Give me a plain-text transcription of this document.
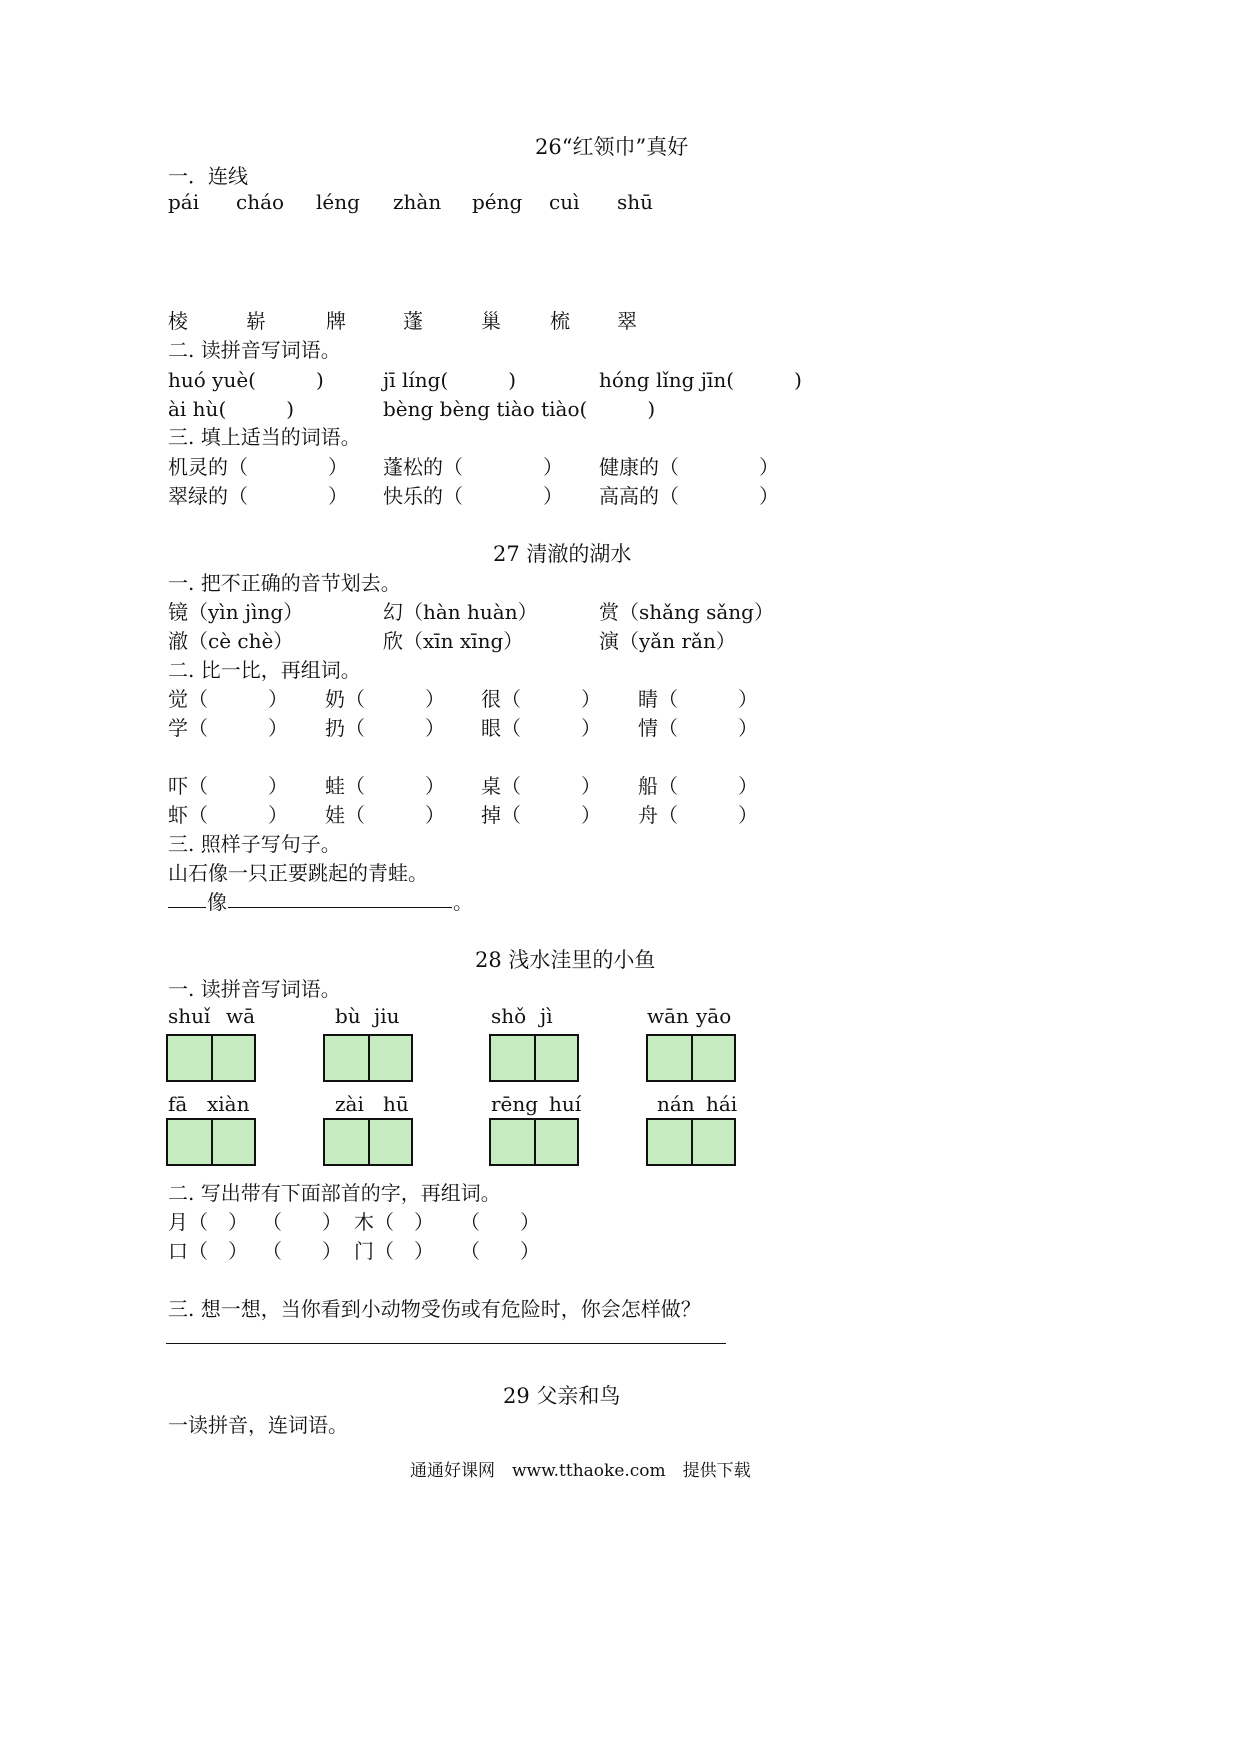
26“红领巾”真好
一．连线
pái cháo léng zhàn péng cuì shū
棱	崭	牌	蓬	巢 梳 翠
二. 读拼音写词语。
huó yuè(　　　)	jī líng(　　　)	hóng lǐng jīn(　　　)
ài hù(　　　)	bèng bèng tiào tiào(　　　)
三. 填上适当的词语。
机灵的（　　　　） 蓬松的（　　　　） 健康的（　　　　）
翠绿的（　　　　） 快乐的（　　　　） 高高的（　　　　）
27 清澈的湖水
一. 把不正确的音节划去。
镜（yìn jìng）	幻（hàn huàn）	赏（shǎng sǎng）
澈（cè chè）	欣（xīn xīng）	演（yǎn rǎn）
二. 比一比，再组词。
觉（　　　） 奶（　　　） 很（　　　） 睛（　　　）
学（　　　） 扔（　　　） 眼（　　　） 情（　　　）
吓（　　　） 蛙（　　　） 桌（　　　） 船（　　　）
虾（　　　） 娃（　　　） 掉（　　　） 舟（　　　）
三. 照样子写句子。
山石像一只正要跳起的青蛙。
像	。
28 浅水洼里的小鱼
一. 读拼音写词语。
shuǐ wā	bù jiu	shǒ jì	wān yāo
fā xiàn	zài hū	rēng huí	nán hái
二. 写出带有下面部首的字，再组词。
月（　） （　　） 木（　） （　　）
口（　） （　　） 门（　） （　　）
三. 想一想，当你看到小动物受伤或有危险时，你会怎样做？
29 父亲和鸟
一读拼音，连词语。
通通好课网　www.tthaoke.com　提供下载
